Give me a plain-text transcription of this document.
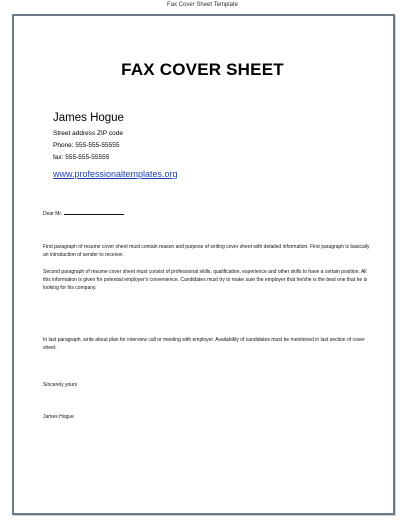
Fax Cover Sheet Template
FAX COVER SHEET
James Hogue
Street address ZIP code
Phone: 555-555-55555
fax: 555-555-55555
www.professionaltemplates.org
Dear Mr.
First paragraph of resume cover sheet must contain reason and purpose of writing cover sheet with detailed information. First paragraph is basically an introduction of sender to receiver.
Second paragraph of resume cover sheet must consist of professional skills, qualification, experience and other skills to have a certain position. All this information is given for potential employer's convenience. Candidates must try to make sure the employer that he/she is the best one that he is looking for his company.
In last paragraph, write about plan for interview call or meeting with employer. Availability of candidates must be mentioned in last section of cover sheet.
Sincerely yours
James Hogue
